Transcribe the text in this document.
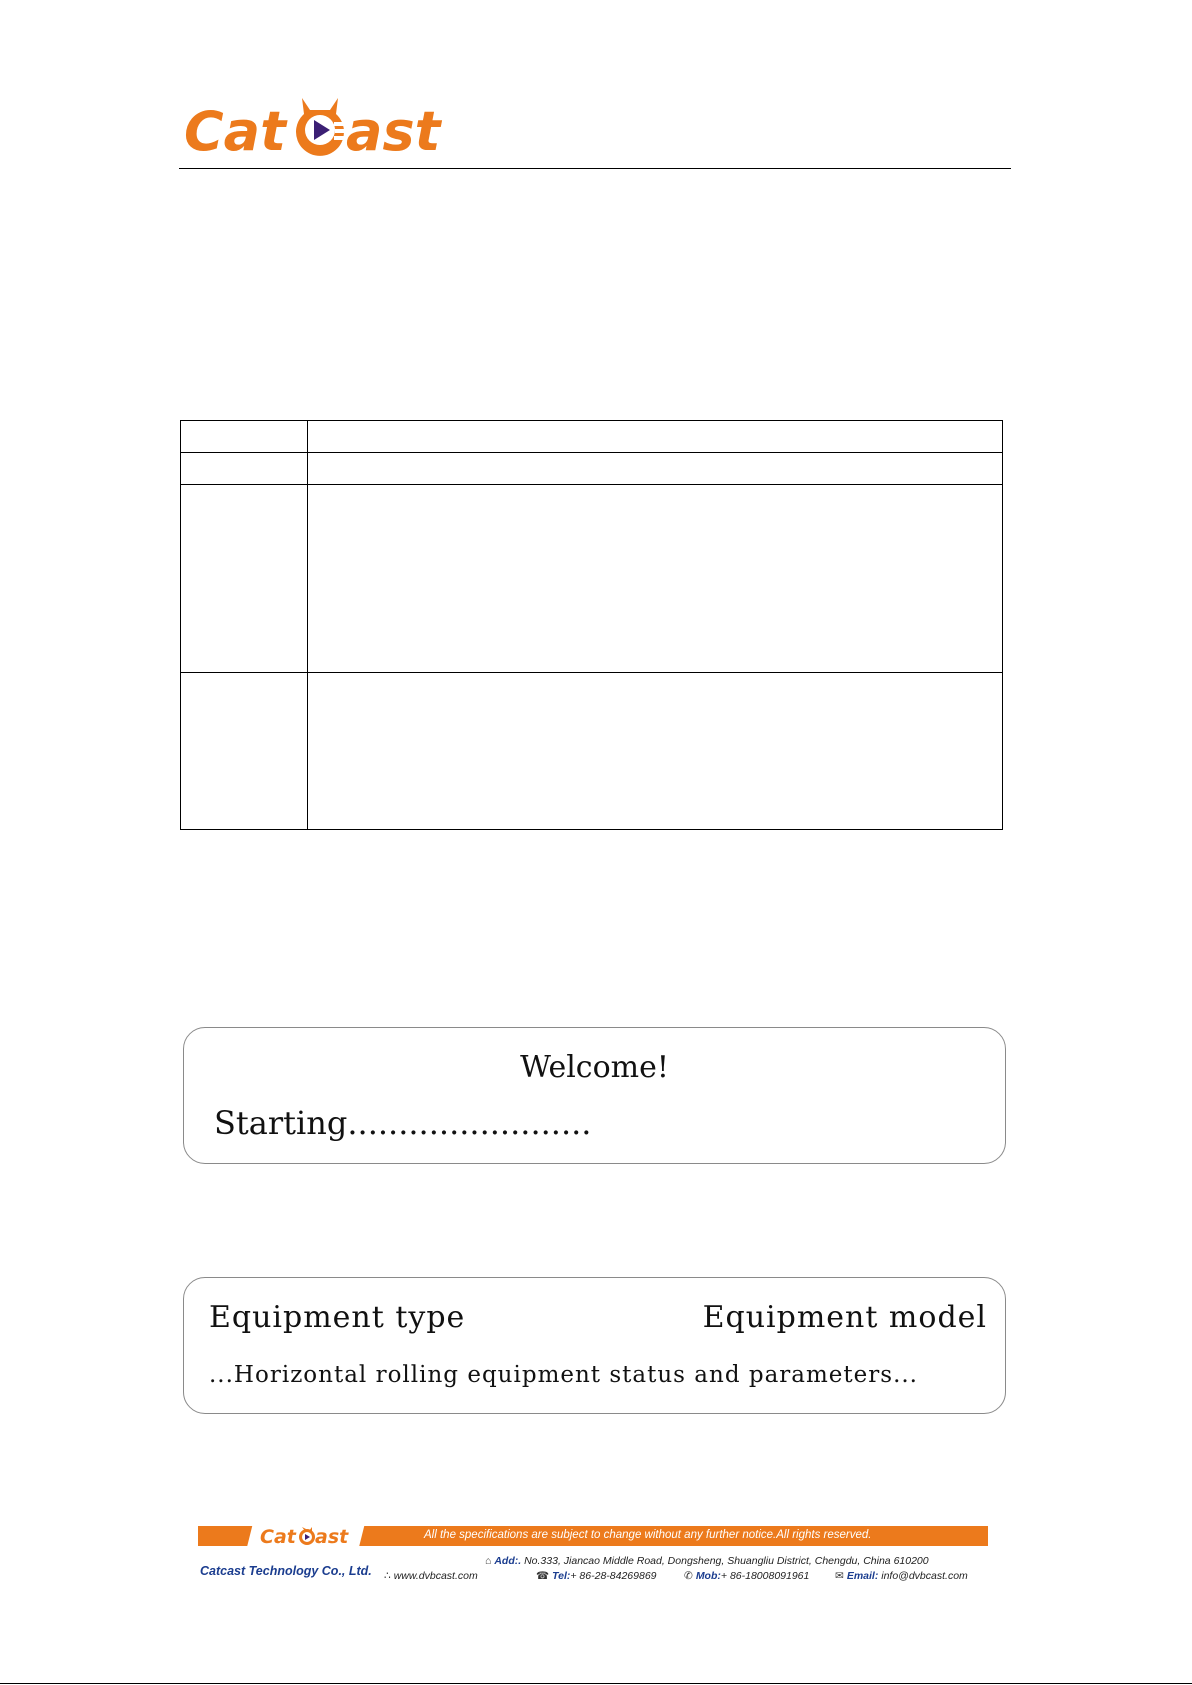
Cat ast

Welcome!
Starting........................
Equipment type	Equipment model
...Horizontal rolling equipment status and parameters...
Cat ast	All the specifications are subject to change without any further notice.All rights reserved.
Catcast Technology Co., Ltd.
⌂ Add:. No.333, Jiancao Middle Road, Dongsheng, Shuangliu District, Chengdu, China 610200
∴ www.dvbcast.com	☎ Tel:+ 86-28-84269869	✆ Mob:+ 86-18008091961 ✉ Email: info@dvbcast.com
